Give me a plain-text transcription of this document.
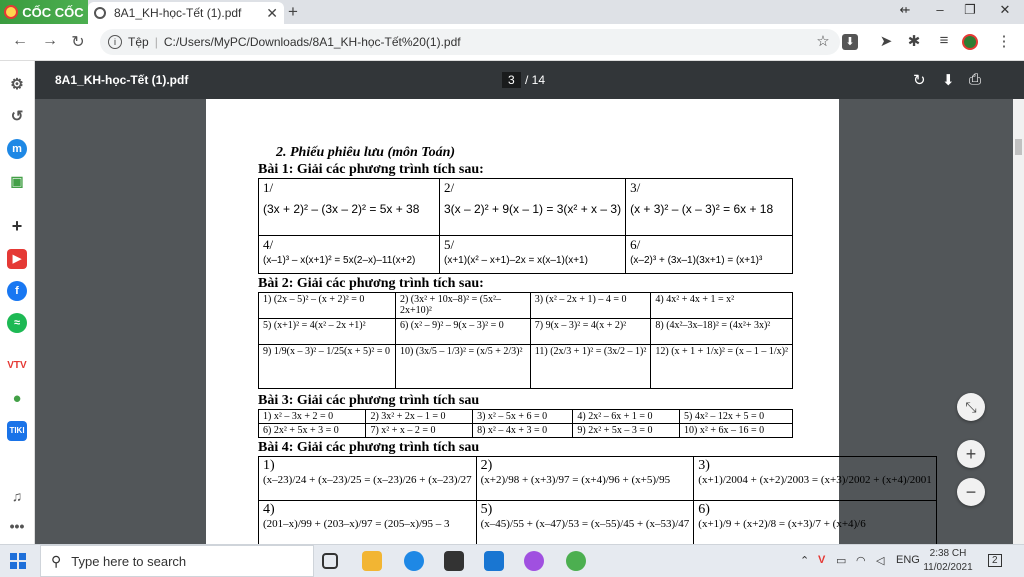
CỐC CỐC	8A1_KH-học-Tết (1).pdf	✕ +	⇷	–	❐	✕
← → ↻	i	Tệp | C:/Users/MyPC/Downloads/8A1_KH-học-Tết%20(1).pdf	☆	⬇ ➤ ✱	≡	⋮
⚙
↺
m
▣
+
▶
f
≈
VTV
●
TIKI
♫
•••
8A1_KH-học-Tết (1).pdf	3 / 14	↻ ⬇ ⎙
2. Phiếu phiêu lưu (môn Toán)
Bài 1: Giải các phương trình tích sau:
1/
(3x + 2)² – (3x – 2)² = 5x + 38	2/
3(x – 2)² + 9(x – 1) = 3(x² + x – 3)	3/
(x + 3)² – (x – 3)² = 6x + 18

4/
(x–1)³ – x(x+1)² = 5x(2–x)–11(x+2)	5/
(x+1)(x² – x+1)–2x = x(x–1)(x+1)	6/
(x–2)³ + (3x–1)(3x+1) = (x+1)³
Bài 2: Giải các phương trình tích sau:
1) (2x – 5)² – (x + 2)² = 0	2) (3x² + 10x–8)² = (5x²– 2x+10)²	3) (x² – 2x + 1) – 4 = 0	4) 4x² + 4x + 1 = x²
5) (x+1)² = 4(x² – 2x +1)²	6) (x² – 9)² – 9(x – 3)² = 0	7) 9(x – 3)² = 4(x + 2)²	8) (4x²–3x–18)² = (4x²+ 3x)²
9) 1/9(x – 3)² – 1/25(x + 5)² = 0	10) (3x/5 – 1/3)² = (x/5 + 2/3)²	11) (2x/3 + 1)² = (3x/2 – 1)²	12) (x + 1 + 1/x)² = (x – 1 – 1/x)²
Bài 3: Giải các phương trình tích sau
1) x² – 3x + 2 = 0	2) 3x² + 2x – 1 = 0	3) x² – 5x + 6 = 0	4) 2x² – 6x + 1 = 0	5) 4x² – 12x + 5 = 0
6) 2x² + 5x + 3 = 0	7) x² + x – 2 = 0	8) x² – 4x + 3 = 0	9) 2x² + 5x – 3 = 0	10) x² + 6x – 16 = 0
Bài 4: Giải các phương trình tích sau
1)
(x–23)/24 + (x–23)/25 = (x–23)/26 + (x–23)/27	2)
(x+2)/98 + (x+3)/97 = (x+4)/96 + (x+5)/95	3)
(x+1)/2004 + (x+2)/2003 = (x+3)/2002 + (x+4)/2001

4)
(201–x)/99 + (203–x)/97 = (205–x)/95 – 3	5)
(x–45)/55 + (x–47)/53 = (x–55)/45 + (x–53)/47	6)
(x+1)/9 + (x+2)/8 = (x+3)/7 + (x+4)/6
⤡
+
−
⚲ Type here to search	⌃ V ▭ ◠ ◁ ENG
2:38 CH
11/02/2021
2
